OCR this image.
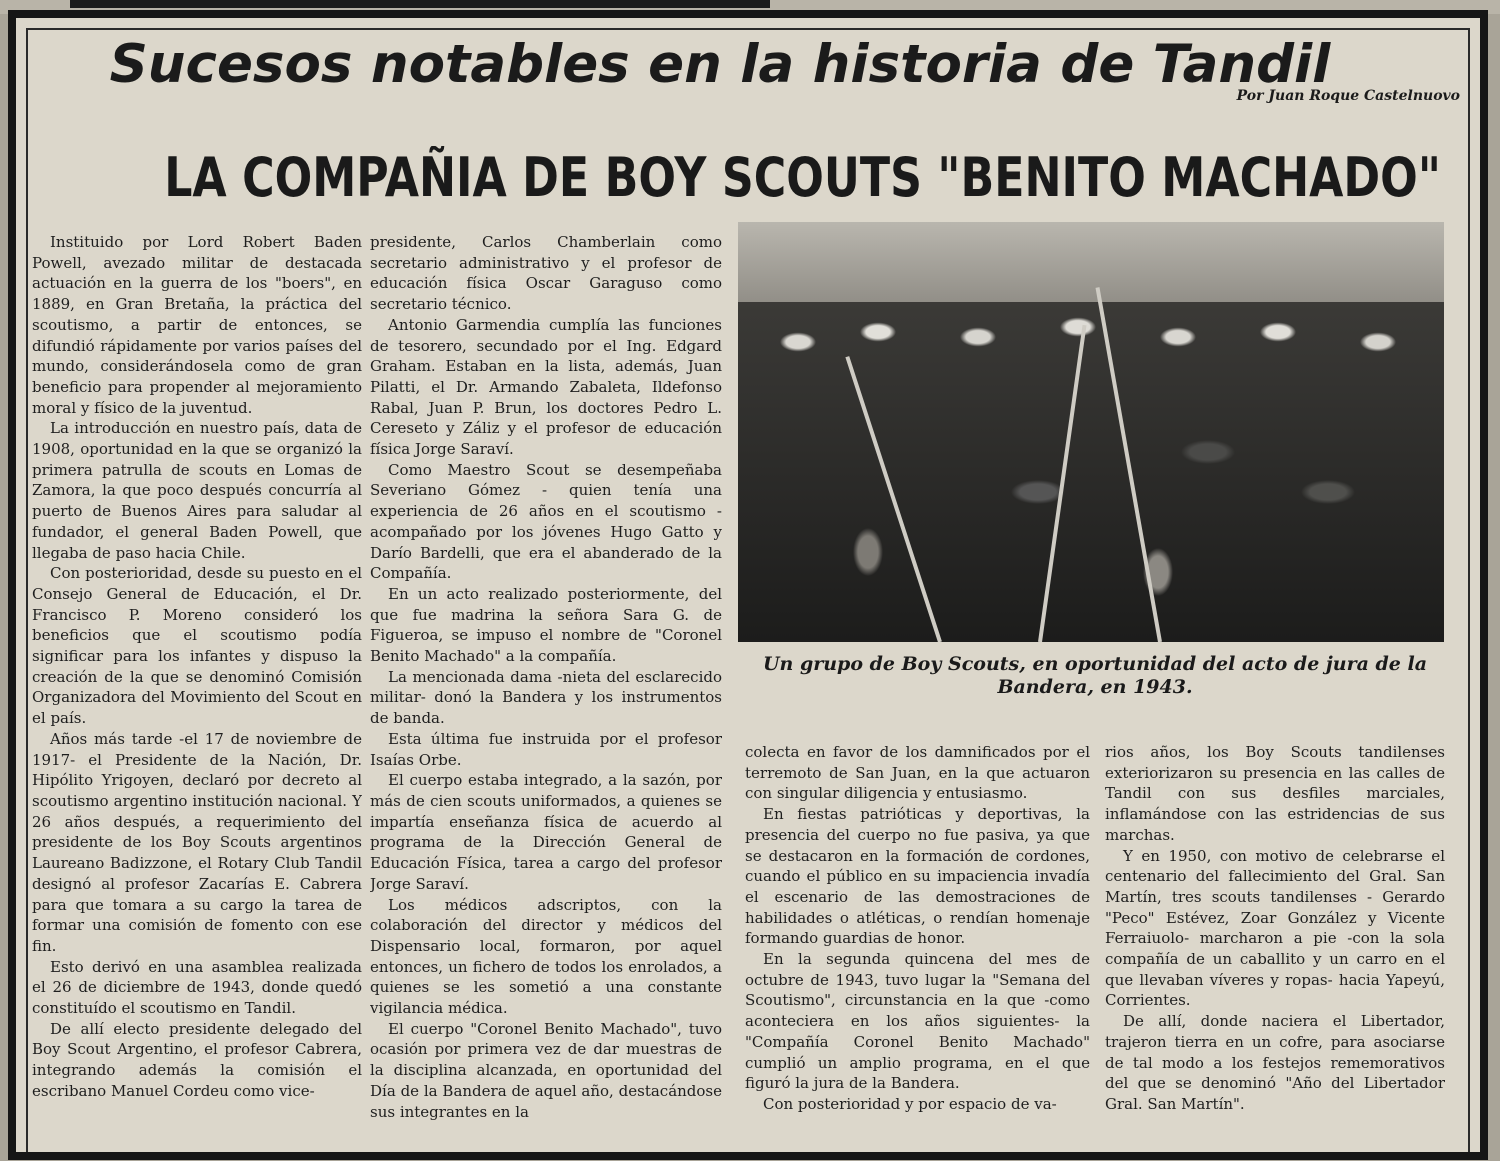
Sucesos notables en la historia de Tandil
Por Juan Roque Castelnuovo
LA COMPAÑIA DE BOY SCOUTS "BENITO MACHADO"

Instituido por Lord Robert Baden Powell, avezado militar de destacada actuación en la guerra de los "boers", en 1889, en Gran Bretaña, la práctica del scoutismo, a partir de entonces, se difundió rápidamente por varios países del mundo, considerándosela como de gran beneficio para propender al mejoramiento moral y físico de la juventud.

La introducción en nuestro país, data de 1908, oportunidad en la que se organizó la primera patrulla de scouts en Lomas de Zamora, la que poco después concurría al puerto de Buenos Aires para saludar al fundador, el general Baden Powell, que llegaba de paso hacia Chile.

Con posterioridad, desde su puesto en el Consejo General de Educación, el Dr. Francisco P. Moreno consideró los beneficios que el scoutismo podía significar para los infantes y dispuso la creación de la que se denominó Comisión Organizadora del Movimiento del Scout en el país.

Años más tarde -el 17 de noviembre de 1917- el Presidente de la Nación, Dr. Hipólito Yrigoyen, declaró por decreto al scoutismo argentino institución nacional. Y 26 años después, a requerimiento del presidente de los Boy Scouts argentinos Laureano Badizzone, el Rotary Club Tandil designó al profesor Zacarías E. Cabrera para que tomara a su cargo la tarea de formar una comisión de fomento con ese fin.

Esto derivó en una asamblea realizada el 26 de diciembre de 1943, donde quedó constituído el scoutismo en Tandil.

De allí electo presidente delegado del Boy Scout Argentino, el profesor Cabrera, integrando además la comisión el escribano Manuel Cordeu como vice-

presidente, Carlos Chamberlain como secretario administrativo y el profesor de educación física Oscar Garaguso como secretario técnico.

Antonio Garmendia cumplía las funciones de tesorero, secundado por el Ing. Edgard Graham. Estaban en la lista, además, Juan Pilatti, el Dr. Armando Zabaleta, Ildefonso Rabal, Juan P. Brun, los doctores Pedro L. Cereseto y Záliz y el profesor de educación física Jorge Saraví.

Como Maestro Scout se desempeñaba Severiano Gómez - quien tenía una experiencia de 26 años en el scoutismo - acompañado por los jóvenes Hugo Gatto y Darío Bardelli, que era el abanderado de la Compañía.

En un acto realizado posteriormente, del que fue madrina la señora Sara G. de Figueroa, se impuso el nombre de "Coronel Benito Machado" a la compañía.

La mencionada dama -nieta del esclarecido militar- donó la Bandera y los instrumentos de banda.

Esta última fue instruida por el profesor Isaías Orbe.

El cuerpo estaba integrado, a la sazón, por más de cien scouts uniformados, a quienes se impartía enseñanza física de acuerdo al programa de la Dirección General de Educación Física, tarea a cargo del profesor Jorge Saraví.

Los médicos adscriptos, con la colaboración del director y médicos del Dispensario local, formaron, por aquel entonces, un fichero de todos los enrolados, a quienes se les sometió a una constante vigilancia médica.

El cuerpo "Coronel Benito Machado", tuvo ocasión por primera vez de dar muestras de la disciplina alcanzada, en oportunidad del Día de la Bandera de aquel año, destacándose sus integrantes en la

Un grupo de Boy Scouts, en oportunidad del acto de jura de la
Bandera, en 1943.

colecta en favor de los damnificados por el terremoto de San Juan, en la que actuaron con singular diligencia y entusiasmo.

En fiestas patrióticas y deportivas, la presencia del cuerpo no fue pasiva, ya que se destacaron en la formación de cordones, cuando el público en su impaciencia invadía el escenario de las demostraciones de habilidades o atléticas, o rendían homenaje formando guardias de honor.

En la segunda quincena del mes de octubre de 1943, tuvo lugar la "Semana del Scoutismo", circunstancia en la que -como aconteciera en los años siguientes- la "Compañía Coronel Benito Machado" cumplió un amplio programa, en el que figuró la jura de la Bandera.

Con posterioridad y por espacio de va-

rios años, los Boy Scouts tandilenses exteriorizaron su presencia en las calles de Tandil con sus desfiles marciales, inflamándose con las estridencias de sus marchas.

Y en 1950, con motivo de celebrarse el centenario del fallecimiento del Gral. San Martín, tres scouts tandilenses - Gerardo "Peco" Estévez, Zoar González y Vicente Ferraiuolo- marcharon a pie -con la sola compañía de un caballito y un carro en el que llevaban víveres y ropas- hacia Yapeyú, Corrientes.

De allí, donde naciera el Libertador, trajeron tierra en un cofre, para asociarse de tal modo a los festejos rememorativos del que se denominó "Año del Libertador Gral. San Martín".
